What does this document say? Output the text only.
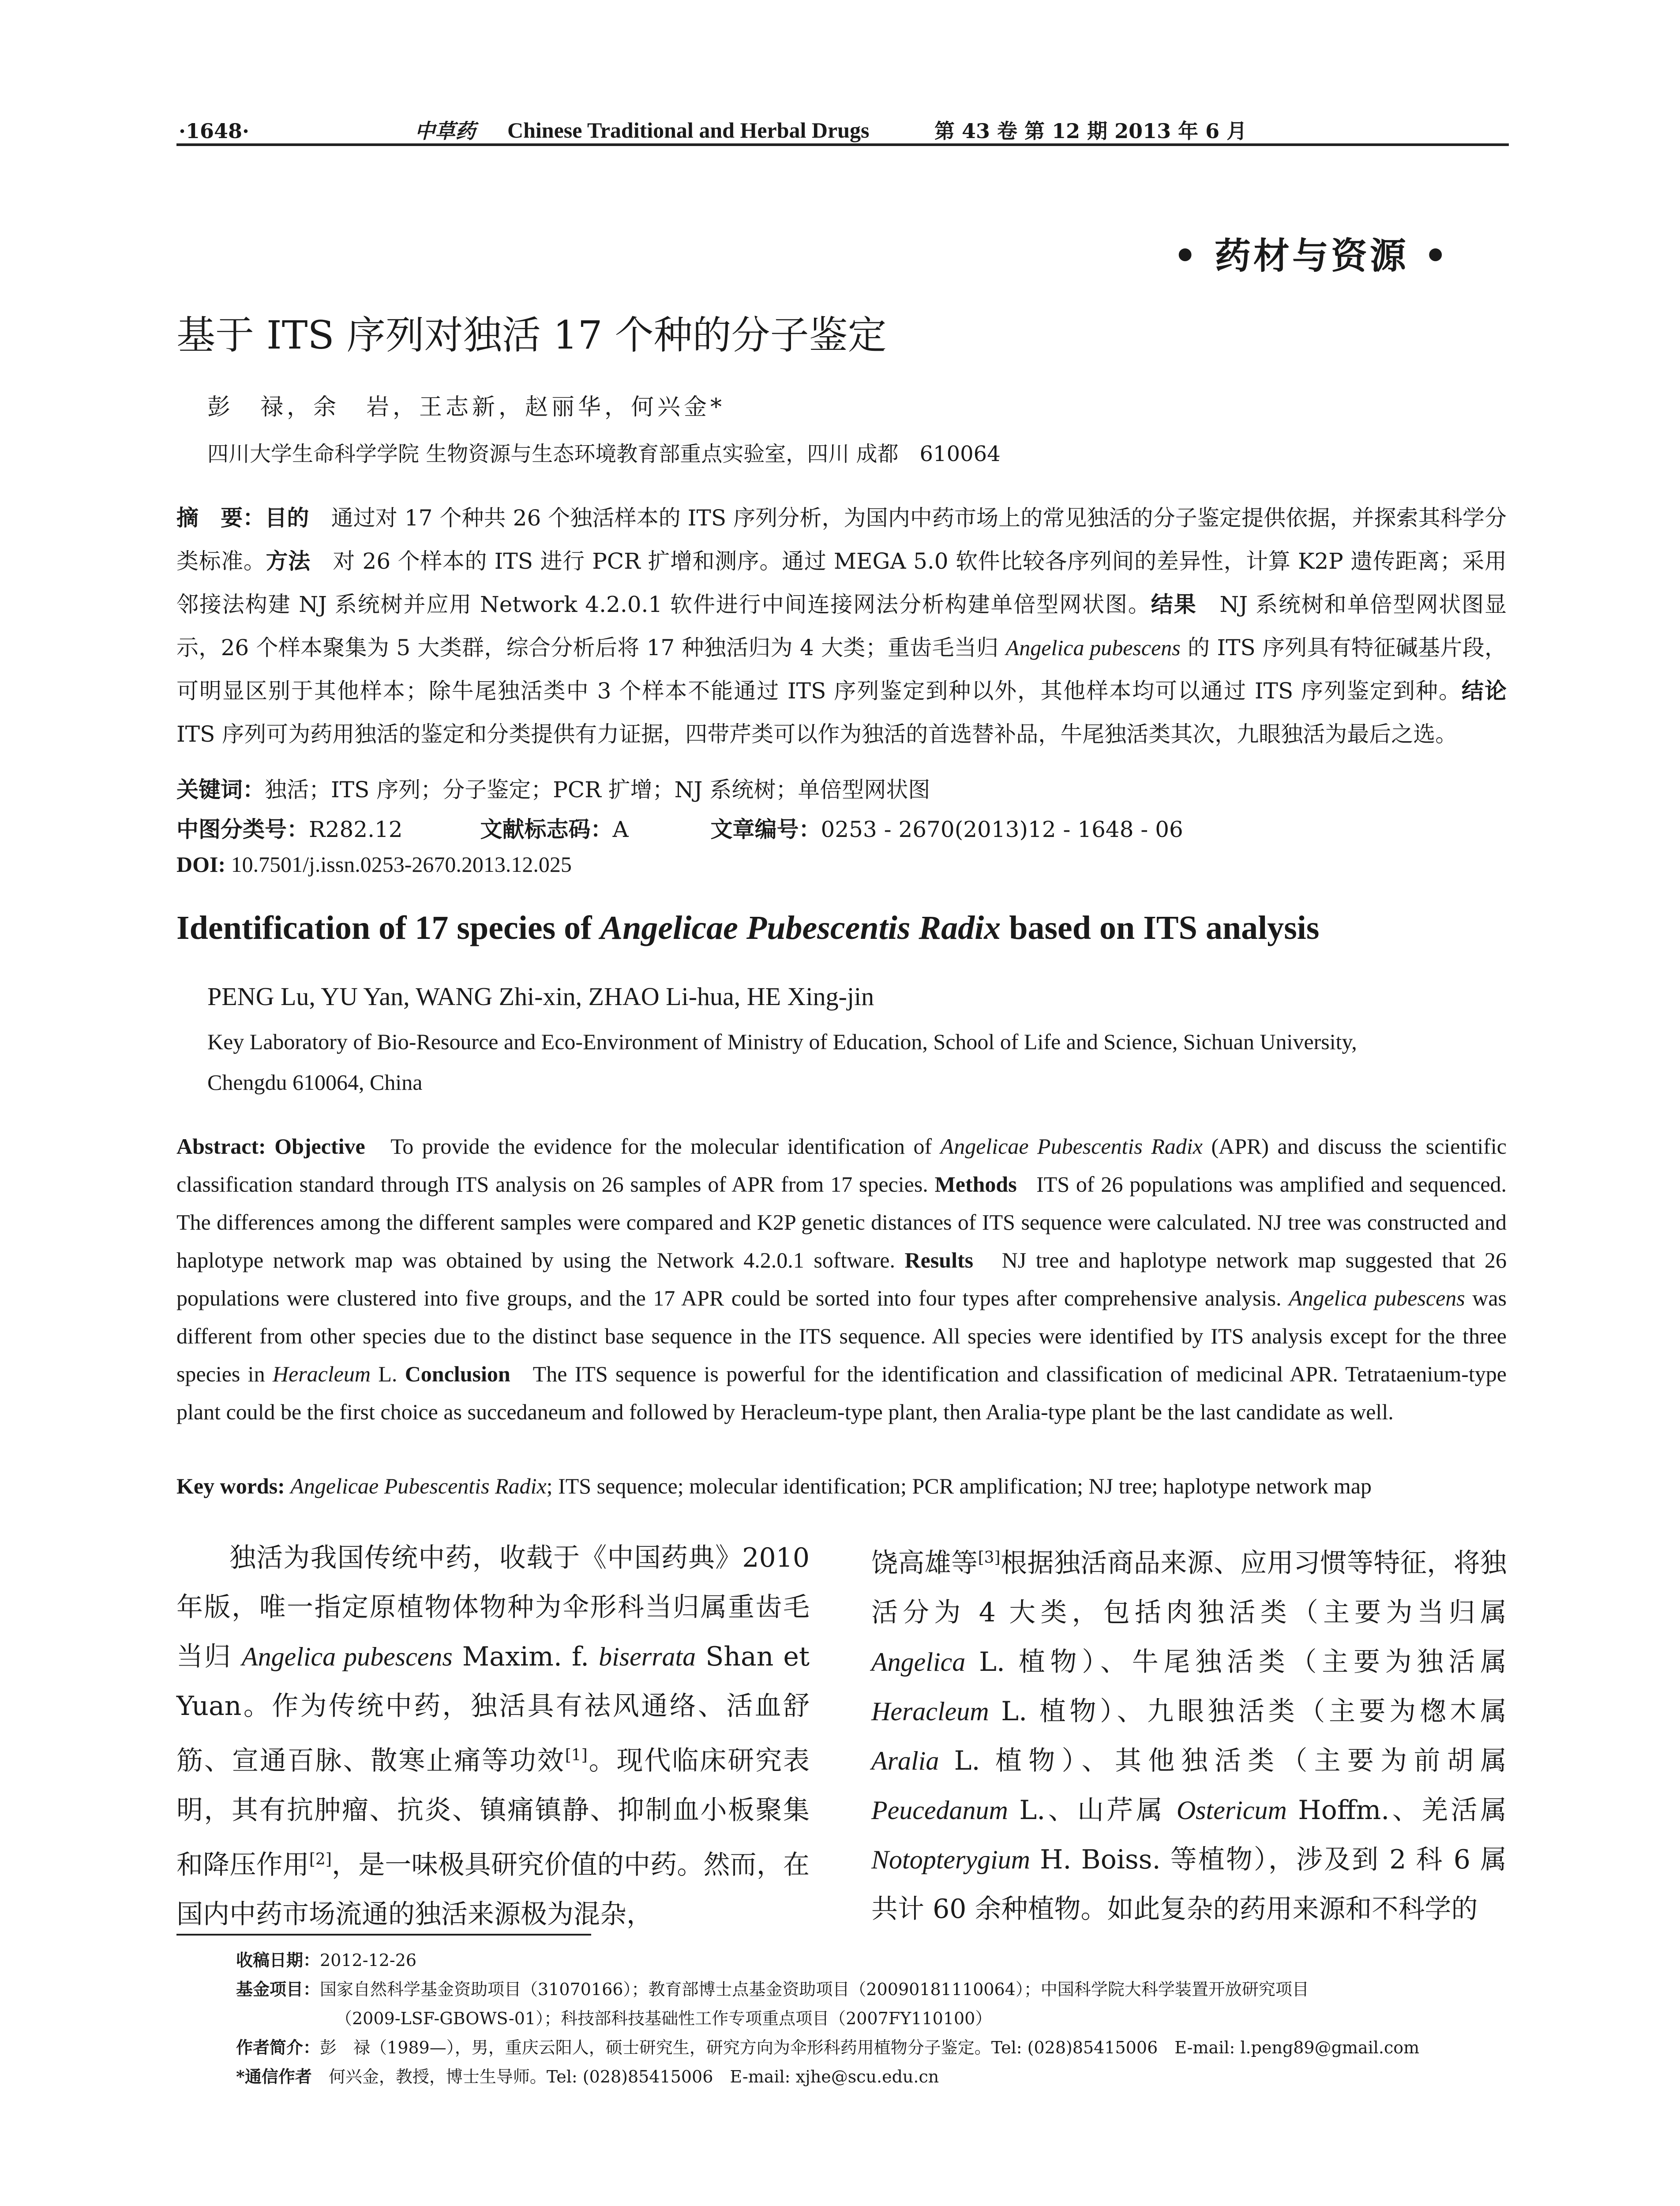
·1648·	中草药 Chinese Traditional and Herbal Drugs	第 43 卷 第 12 期 2013 年 6 月
• 药材与资源 •
基于 ITS 序列对独活 17 个种的分子鉴定
彭　禄，余　岩，王志新，赵丽华，何兴金*
四川大学生命科学学院 生物资源与生态环境教育部重点实验室，四川 成都　610064
摘　要：目的　 通过对 17 个种共 26 个独活样本的 ITS 序列分析，为国内中药市场上的常见独活的分子鉴定提供依据，并探索其科学分类标准。方法　 对 26 个样本的 ITS 进行 PCR 扩增和测序。通过 MEGA 5.0 软件比较各序列间的差异性，计算 K2P 遗传距离；采用邻接法构建 NJ 系统树并应用 Network 4.2.0.1 软件进行中间连接网法分析构建单倍型网状图。结果　 NJ 系统树和单倍型网状图显示，26 个样本聚集为 5 大类群，综合分析后将 17 种独活归为 4 大类；重齿毛当归 Angelica pubescens 的 ITS 序列具有特征碱基片段，可明显区别于其他样本；除牛尾独活类中 3 个样本不能通过 ITS 序列鉴定到种以外，其他样本均可以通过 ITS 序列鉴定到种。结论　ITS 序列可为药用独活的鉴定和分类提供有力证据，四带芹类可以作为独活的首选替补品，牛尾独活类其次，九眼独活为最后之选。
关键词：独活；ITS 序列；分子鉴定；PCR 扩增；NJ 系统树；单倍型网状图
中图分类号：R282.12	文献标志码：A	文章编号：0253 - 2670(2013)12 - 1648 - 06
DOI: 10.7501/j.issn.0253-2670.2013.12.025
Identification of 17 species of Angelicae Pubescentis Radix based on ITS analysis
PENG Lu, YU Yan, WANG Zhi-xin, ZHAO Li-hua, HE Xing-jin
Key Laboratory of Bio-Resource and Eco-Environment of Ministry of Education, School of Life and Science, Sichuan University,
Chengdu 610064, China
Abstract: Objective To provide the evidence for the molecular identification of Angelicae Pubescentis Radix (APR) and discuss the scientific classification standard through ITS analysis on 26 samples of APR from 17 species. Methods ITS of 26 populations was amplified and sequenced. The differences among the different samples were compared and K2P genetic distances of ITS sequence were calculated. NJ tree was constructed and haplotype network map was obtained by using the Network 4.2.0.1 software. Results NJ tree and haplotype network map suggested that 26 populations were clustered into five groups, and the 17 APR could be sorted into four types after comprehensive analysis. Angelica pubescens was different from other species due to the distinct base sequence in the ITS sequence. All species were identified by ITS analysis except for the three species in Heracleum L. Conclusion The ITS sequence is powerful for the identification and classification of medicinal APR. Tetrataenium-type plant could be the first choice as succedaneum and followed by Heracleum-type plant, then Aralia-type plant be the last candidate as well.
Key words: Angelicae Pubescentis Radix; ITS sequence; molecular identification; PCR amplification; NJ tree; haplotype network map
独活为我国传统中药，收载于《中国药典》2010 年版，唯一指定原植物体物种为伞形科当归属重齿毛当归 Angelica pubescens Maxim. f. biserrata Shan et Yuan。作为传统中药，独活具有祛风通络、活血舒筋、宣通百脉、散寒止痛等功效[1]。现代临床研究表明，其有抗肿瘤、抗炎、镇痛镇静、抑制血小板聚集和降压作用[2]，是一味极具研究价值的中药。然而，在国内中药市场流通的独活来源极为混杂，
饶高雄等[3]根据独活商品来源、应用习惯等特征，将独活分为 4 大类，包括肉独活类（主要为当归属 Angelica L. 植物）、牛尾独活类（主要为独活属 Heracleum L. 植物）、九眼独活类（主要为楤木属 Aralia L. 植物）、其他独活类（主要为前胡属 Peucedanum L.、山芹属 Ostericum Hoffm.、羌活属 Notopterygium H. Boiss. 等植物），涉及到 2 科 6 属共计 60 余种植物。如此复杂的药用来源和不科学的
收稿日期：2012-12-26
基金项目：国家自然科学基金资助项目（31070166）；教育部博士点基金资助项目（20090181110064）；中国科学院大科学装置开放研究项目
（2009-LSF-GBOWS-01）；科技部科技基础性工作专项重点项目（2007FY110100）
作者简介：彭　禄（1989—），男，重庆云阳人，硕士研究生，研究方向为伞形科药用植物分子鉴定。Tel: (028)85415006　E-mail: l.peng89@gmail.com
*通信作者　 何兴金，教授，博士生导师。Tel: (028)85415006　E-mail: xjhe@scu.edu.cn
